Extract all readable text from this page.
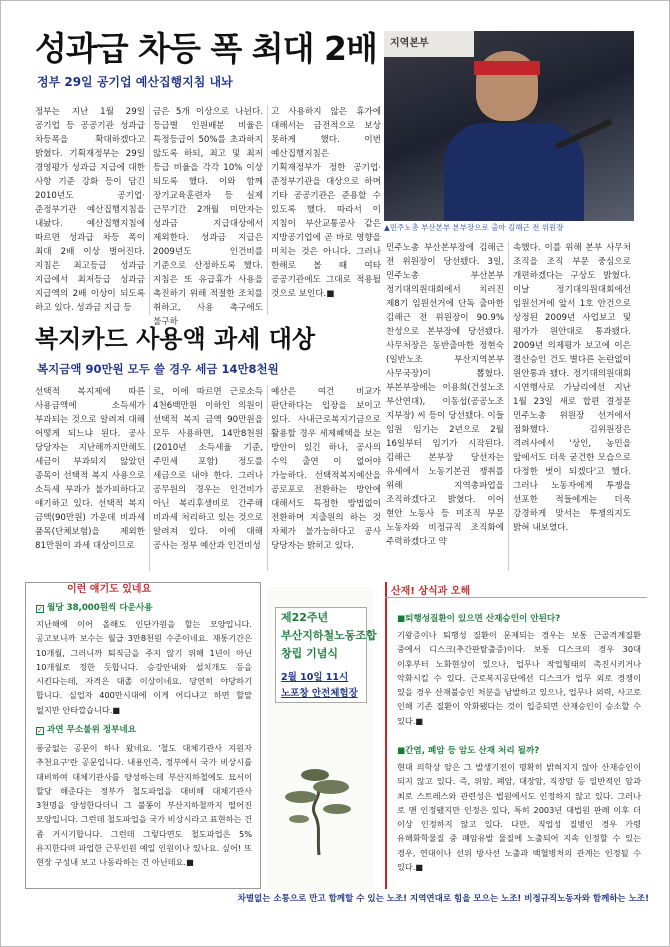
성과급 차등 폭 최대 2배
정부 29일 공기업 예산집행지침 내놔
정부는 지난 1월 29일 공기업 등 공공기관 성과급 차등폭을 확대하겠다고 밝혔다. 기획재정부는 29일 경영평가 성과급 지급에 대한 사항 기준 강화 등이 담긴 2010년도 공기업·준정부기관 예산집행지침을 내놨다. 예산집행지침에 따르면 성과급 차등 폭이 최대 2배 이상 벌어진다. 지침은 최고등급 성과금 지급에서 최저등급 성과금 지급액의 2배 이상이 되도록 하고 있다. 성과금 지급 등
금은 5개 이상으로 나뉜다. 등급별 인원배분 비율은 특정등급이 50%를 초과하지 않도록 하되, 최고 및 최저 등급 비율을 각각 10% 이상 되도록 했다. 이와 함께 장기교육훈련자 등 실제 근무기간 2개월 미만자는 성과금 지급대상에서 제외한다. 성과금 지급은 2009년도 인건비를 기준으로 산정하도록 했다. 지침은 또 유급휴가 사용을 촉진하기 위해 적절한 조치를 취하고, 사용 촉구에도 불구하
고 사용하지 않은 휴가에 대해서는 금전적으로 보상 못하게 했다. 이번 예산집행지침은 기획재정부가 정한 공기업·준정부기관을 대상으로 하며 기타 공공기관은 준용할 수 있도록 했다. 따라서 이 지침이 부산교통공사 같은 지방공기업에 곧 바로 영향을 미치는 것은 아니다. 그러나 한해로 볼 때 여타 공공기관에도 그대로 적용될 것으로 보인다.■
지역본부
▲민주노총 부산본부 본부장으로 출마 김해근 전 위원장
민주노총 부산본부장에 김해근 전 위원장이 당선됐다. 3일, 민주노총 부산본부 정기대의원대회에서 치러진 제8기 임원선거에 단독 출마한 김해근 전 위원장이 90.9% 찬성으로 본부장에 당선됐다. 사무처장은 동반출마한 정현숙(일반노조 부산지역본부 사무국장)이 뽑혔다. 부본부장에는 이용희(건설노조 부산연대), 이동섭(공공노조 지부장) 씨 등이 당선됐다. 이들 임원 임기는 2년으로 2월 16일부터 임기가 시작된다. 김해근 본부장 당선자는 유세에서 노동기본권 쟁취를 위해 지역총파업을 조직하겠다고 밝혔다. 이어 현안 노동사 등 미조직 부문 노동자와 비정규직 조직화에 주력하겠다고 약
속했다. 이를 위해 본부 사무처 조직을 조직 부문 중심으로 개편하겠다는 구상도 밝혔다. 이날 정기대의원대회에선 임원선거에 앞서 1호 안건으로 상정된 2009년 사업보고 및 평가가 원안대로 통과됐다. 2009년 의제평가 보고에 이은 결산승인 건도 별다른 논란없이 원안통과 됐다. 정기대의원대회 시연행사로 가남리에선 지난 1월 23일 새로 합편 결정문 민주노총 위원장 선거에서 점화했다. 김위원장은 격려사에서 '상인, 농민을 앞에서도 더욱 굳건한 모습으로 다정한 벗이 되겠다'고 했다. 그러나 노동자에게 투쟁을 선포한 적들에게는 더욱 강경하게 맞서는 투쟁의지도 밝혀 내보였다.
복지카드 사용액 과세 대상
복지금액 90만원 모두 쓸 경우 세금 14만8천원
선택적 복지제에 따른 사용금액에 소득세가 부과되는 것으로 알려져 대해 어떻게 되느냐 된다. 공사 당당자는 지난해까지만해도 세금이 부과되지 않았던 종목이 선택적 복지 사용으로 소득세 부과가 불가피하다고 얘기하고 있다. 선택적 복지 금액(90만원) 가운데 비과세 품목(단체보험)을 제외한 81만원이 과세 대상이므로
로, 이에 따르면 근로소득 4천6백만원 이하인 의원이 선택적 복지 금액 90만원을 모두 사용하면, 14만8천원(2010년 소득세율 기준, 주민세 포함) 정도를 세금으로 내야 한다. 그러나 공무원의 경우는 인건비가 아닌 복리후생비로 간주해 비과세 처리하고 있는 것으로 알려져 있다. 이에 대해 공사는 정부 예산과 인건비성
예산은 여건 비교가 판단하다는 입장을 보이고 있다. 사내근로복지기금으로 활용할 경우 세제혜택을 보는 방안이 있긴 하나, 공사의 수익 출연 이 없어야 가능하다. 선택적복지예산을 공로포로 전환하는 방안에 대해서도 특정한 방법없이 전환하며 지출원의 하는 것 자체가 불가능하다고 공사 당당자는 밝히고 있다.
✓ 월당 38,000원씩 다운사용
지난해에 이어 올해도 인단가원을 할는 모양입니다. 공고보니까 보수는 월급 3만8천원 수준이네요. 재통기간은 10개월, 그러니까 퇴직금을 주지 않기 위해 1년이 아닌 10개월로 정한 듯합니다. 승강안내와 설치개도 등을 시킨다는데, 자격은 대졸 이상이네요. 당연히 야당하기 합니다. 실업자 400만시대에 이게 어디냐고 하면 할말 없지만 안타깝습니다.■
✓ 과연 무소불위 정부네요
퐁궁없는 공문이 하나 왔네요. '철도 대체기관사 지원자 추천요구'란 공문입니다. 내용인즉, 정부에서 국가 비상시를 대비하여 대체기관사를 양성하는데 부산지하철에도 묘서이 할당 해준다는 정부가 철도파업을 대비해 대체기관사 3천명을 양성한다더니 그 불똥이 부산지하철까지 떨어진 모양입니다. 그런데 철도파업을 국가 비상시라고 표현하는 건 좀 거시기합니다. 그런데 그렇다면도 철도파업은 5% 유지한다며 파업한 근무인원 예일 인원이나 있나요. 싶어! 또 현장 구성내 보고 나동라하는 건 아닌데요.■
이런 얘기도 있네요
제22주년
부산지하철노동조합
창립 기념식
2월 10일 11시
노포창 안전체험장
■퇴행성질환이 있으면 산재승인이 안된다?
기왕증이나 퇴행성 질환이 문제되는 경우는 보통 근골격계질환 중에서 디스크(추간판탈출증)이다. 보통 디스크의 경우 30대 이후부터 노화현상이 있으나, 업무나 작업형태의 촉진시키거나 악화시킬 수 있다. 근로복지공단에선 디스크가 업무 외로 경쟁이 있을 경우 산재불승인 처분을 남발하고 있으나, 업무나 외력, 사고로 인해 기존 질환이 악화됐다는 것이 입증되면 산재승인이 승소할 수 있다.■
■간염, 폐암 등 암도 산재 처리 될까?
현대 의학상 암은 그 발생기전이 명확히 밝혀지지 않아 산재승인이 되지 않고 있다. 즉, 위암, 폐암, 대장암, 직장암 등 일반적인 암과 최로 스트레스와 관련성은 법원에서도 인정하지 않고 있다. 그러나 로 맨 인정됐지만 인정은 있다, 특히 2003년 대법원 판례 이후 더 이상 인정하지 않고 있다. 다만, 직업성 질병인 경우 가령 유해화학물질 중 폐암유발 물질에 노출되어 지속 인정할 수 있는 경우, 연대이나 선위 방사선 노출과 백혈병처의 관계는 인정될 수 있다.■
산재! 상식과 오해
차별없는 소통으로 만고 함께할 수 있는 노조! 지역연대로 힘을 모으는 노조! 비정규직노동자와 함께하는 노조!
